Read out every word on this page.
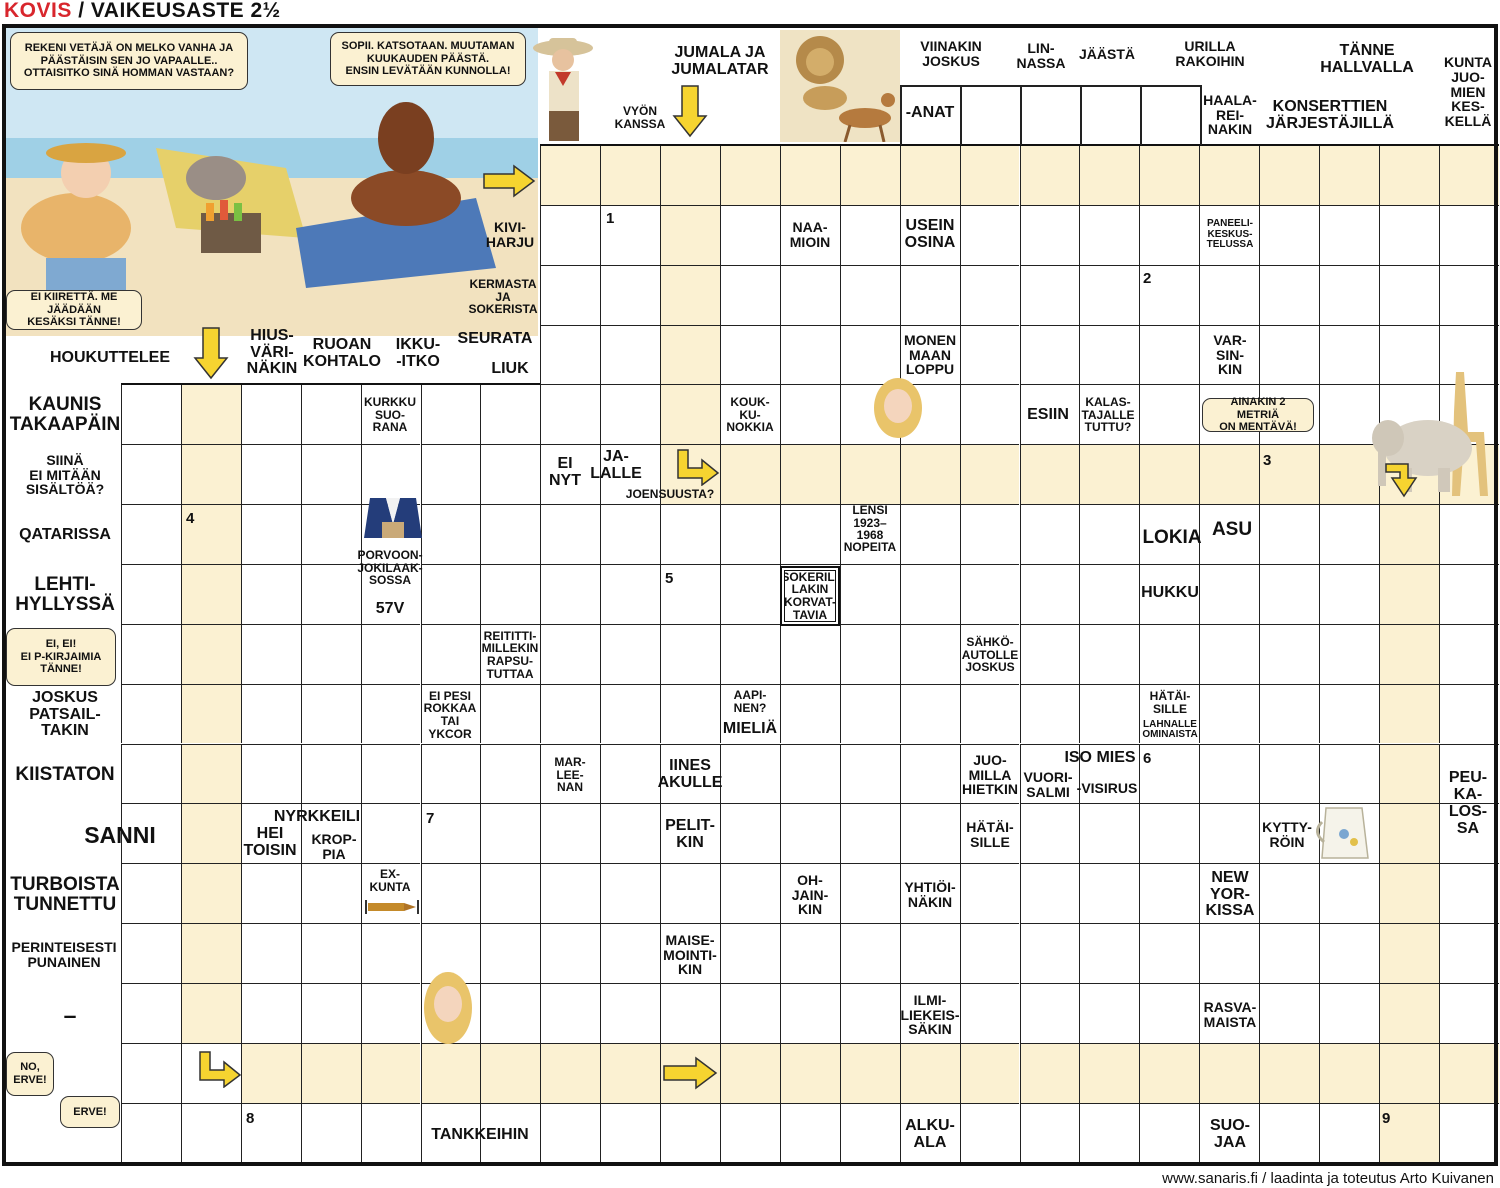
KOVIS / VAIKEUSASTE 2½
VYÖN
KANSSA
JUMALA JA
JUMALATAR
VIINAKIN
JOSKUS
-ANAT
LIN-
NASSA
JÄÄSTÄ	URILLA
RAKOIHIN
HAALA-
REI-
NAKIN
KONSERTTIEN
JÄRJESTÄJILLÄ
TÄNNE
HALLVALLA	KUNTA
JUO-
MIEN
KES-
KELLÄ
KIVI-
HARJU
NAA-
MIOIN
USEIN
OSINA
PANEELI-
KESKUS-
TELUSSA
KERMASTA
JA
SOKERISTA
HIUS-
VÄRI-
NÄKIN
RUOAN
KOHTALO
IKKU-
-ITKO
SEURATA
LIUK
HOUKUTTELEE
MONEN
MAAN
LOPPU
VAR-
SIN-
KIN
KAUNIS
TAKAAPÄIN
KURKKU
SUO-
RANA
KOUK-
KU-
NOKKIA
ESIIN
KALAS-
TAJALLE
TUTTU?
SIINÄ
EI MITÄÄN
SISÄLTÖÄ?
EI
NYT
JA-
LALLE
JOENSUUSTA?
QATARISSA
LENSI
1923–1968
NOPEITA	LOKIA ASU
LEHTI-
HYLLYSSÄ
PORVOON-
JOKILAAK-
SOSSA
57V
SOKERIL-
LAKIN
KORVAT-
TAVIA
HUKKU
REITITTI-
MILLEKIN
RAPSU-
TUTTAA
SÄHKÖ-
AUTOLLE
JOSKUS
JOSKUS
PATSAIL-
TAKIN
EI PESI
ROKKAA
TAI
YKCOR
AAPI-
NEN?
MIELIÄ
HÄTÄI-
SILLE
LAHNALLE
OMINAISTA
KIISTATON
MAR-
LEE-
NAN
IINES
AKULLE
JUO-
MILLA
HIETKIN
ISO MIES
VUORI-
SALMI -VISIRUS
PEU-
KA-
LOS-
SA
SANNI
NYRKKEILI
HEI
TOISIN
KROP-
PIA
PELIT-
KIN
HÄTÄI-
SILLE
KYTTY-
RÖIN
TURBOISTA
TUNNETTU
EX-
KUNTA	OH-
JAIN-
KIN
YHTIÖI-
NÄKIN
NEW
YOR-
KISSA
PERINTEISESTI
PUNAINEN
MAISE-
MOINTI-
KIN
–
ILMI-
LIEKEIS-
SÄKIN
RASVA-
MAISTA
TANKKEIHIN	ALKU-
ALA
SUO-
JAA
1
2
3
4
5
6
7
8	9
REKENI VETÄJÄ ON MELKO VANHA JA
PÄÄSTÄISIN SEN JO VAPAALLE..
OTTAISITKO SINÄ HOMMAN VASTAAN?
SOPII. KATSOTAAN. MUUTAMAN
KUUKAUDEN PÄÄSTÄ.
ENSIN LEVÄTÄÄN KUNNOLLA!
EI KIIRETTÄ. ME JÄÄDÄÄN
KESÄKSI TÄNNE!
AINAKIN 2 METRIÄ
ON MENTÄVÄ!
EI, EI!
EI P-KIRJAIMIA
TÄNNE!
NO,
ERVE!
ERVE!
www.sanaris.fi / laadinta ja toteutus Arto Kuivanen
